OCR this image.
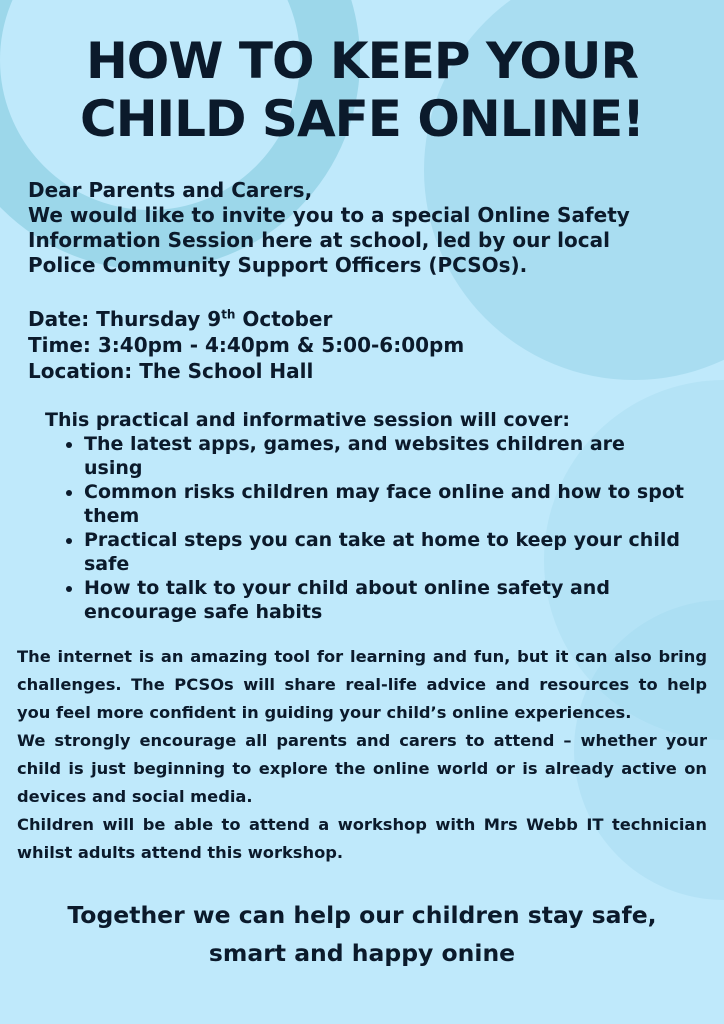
HOW TO KEEP YOUR
CHILD SAFE ONLINE!

Dear Parents and Carers,

We would like to invite you to a special Online Safety

Information Session here at school, led by our local

Police Community Support Officers (PCSOs).

Date: Thursday 9th October

Time: 3:40pm - 4:40pm & 5:00-6:00pm

Location: The School Hall

This practical and informative session will cover:

• The latest apps, games, and websites children are using
• Common risks children may face online and how to spot them
• Practical steps you can take at home to keep your child safe
• How to talk to your child about online safety and encourage safe habits

The internet is an amazing tool for learning and fun, but it can also bring challenges. The PCSOs will share real-life advice and resources to help you feel more confident in guiding your child’s online experiences.

We strongly encourage all parents and carers to attend – whether your child is just beginning to explore the online world or is already active on devices and social media.

Children will be able to attend a workshop with Mrs Webb IT technician whilst adults attend this workshop.

Together we can help our children stay safe,
smart and happy onine
